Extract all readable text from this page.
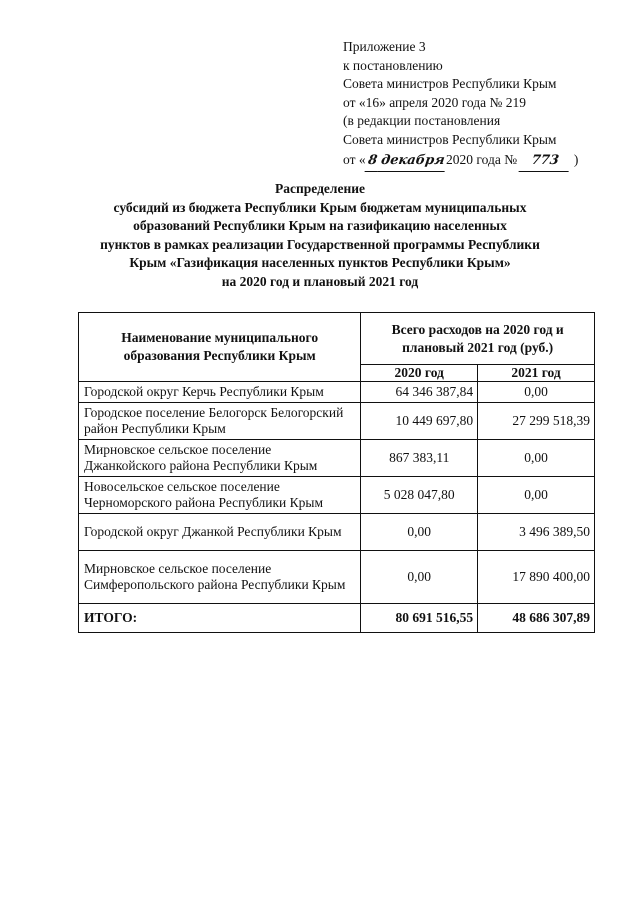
Приложение 3
к постановлению
Совета министров Республики Крым
от «16» апреля 2020 года № 219
(в редакции постановления
Совета министров Республики Крым
от «8 декабря2020 года № 773 )
Распределение
субсидий из бюджета Республики Крым бюджетам муниципальных
образований Республики Крым на газификацию населенных
пунктов в рамках реализации Государственной программы Республики
Крым «Газификация населенных пунктов Республики Крым»
на 2020 год и плановый 2021 год
Наименование муниципального образования Республики Крым	Всего расходов на 2020 год и плановый 2021 год (руб.)	
	2020 год	2021 год
Городской округ Керчь Республики Крым	64 346 387,84	0,00
Городское поселение Белогорск Белогорский район Республики Крым	10 449 697,80	27 299 518,39
Мирновское сельское поселение Джанкойского района Республики Крым	867 383,11	0,00
Новосельское сельское поселение Черноморского района Республики Крым	5 028 047,80	0,00
Городской округ Джанкой Республики Крым	0,00	3 496 389,50
Мирновское сельское поселение Симферопольского района Республики Крым	0,00	17 890 400,00
ИТОГО:	80 691 516,55	48 686 307,89
